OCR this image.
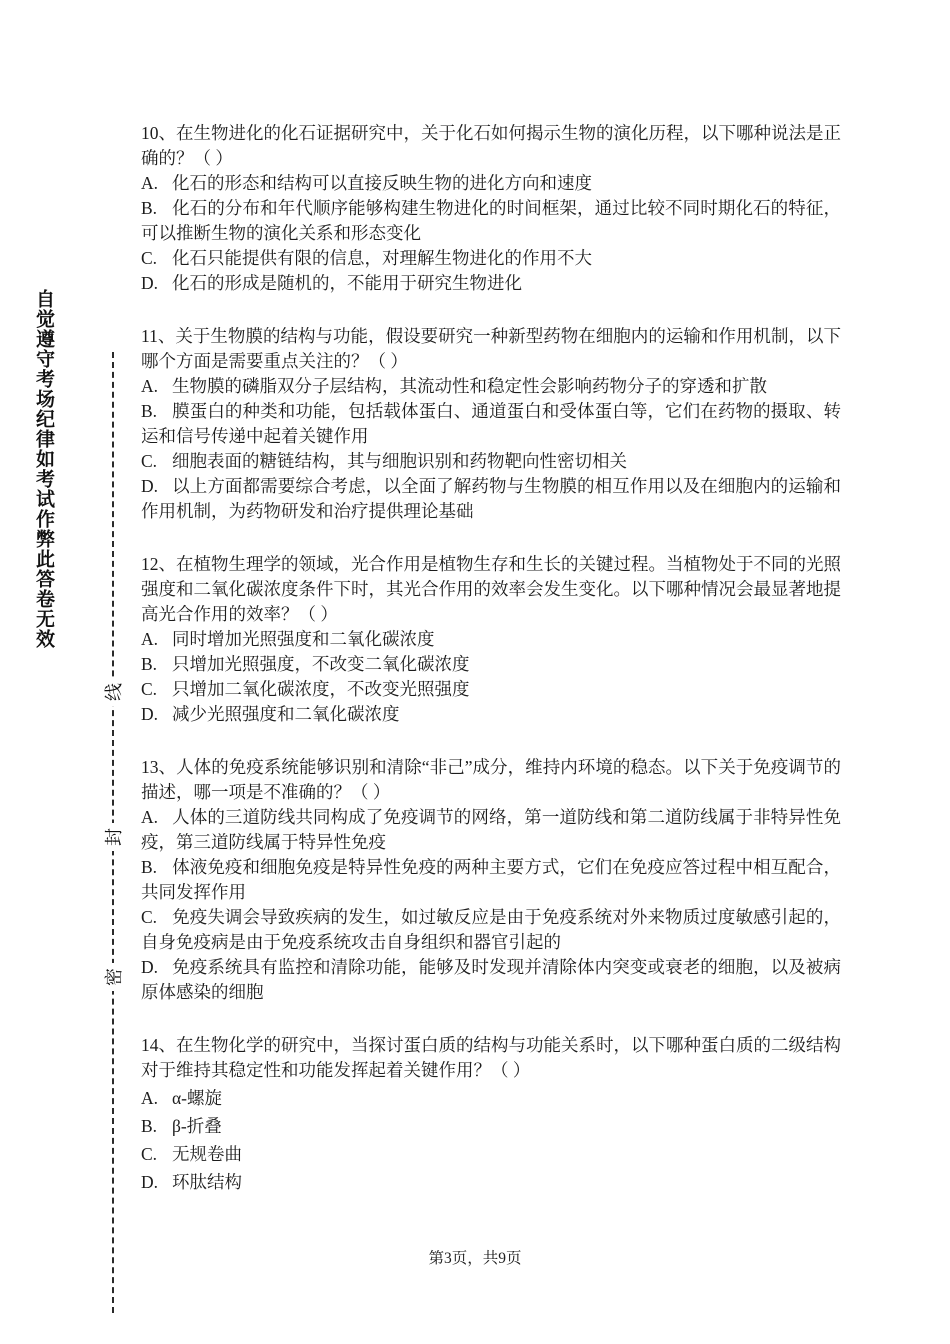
自觉遵守考场纪律如考试作弊此答卷无效
线
封
密
10、在生物进化的化石证据研究中，关于化石如何揭示生物的演化历程，以下哪种说法是正确的？（ ）
A. 化石的形态和结构可以直接反映生物的进化方向和速度
B. 化石的分布和年代顺序能够构建生物进化的时间框架，通过比较不同时期化石的特征，可以推断生物的演化关系和形态变化
C. 化石只能提供有限的信息，对理解生物进化的作用不大
D. 化石的形成是随机的，不能用于研究生物进化
11、关于生物膜的结构与功能，假设要研究一种新型药物在细胞内的运输和作用机制，以下哪个方面是需要重点关注的？（ ）
A. 生物膜的磷脂双分子层结构，其流动性和稳定性会影响药物分子的穿透和扩散
B. 膜蛋白的种类和功能，包括载体蛋白、通道蛋白和受体蛋白等，它们在药物的摄取、转运和信号传递中起着关键作用
C. 细胞表面的糖链结构，其与细胞识别和药物靶向性密切相关
D. 以上方面都需要综合考虑，以全面了解药物与生物膜的相互作用以及在细胞内的运输和作用机制，为药物研发和治疗提供理论基础
12、在植物生理学的领域，光合作用是植物生存和生长的关键过程。当植物处于不同的光照强度和二氧化碳浓度条件下时，其光合作用的效率会发生变化。以下哪种情况会最显著地提高光合作用的效率？（ ）
A. 同时增加光照强度和二氧化碳浓度
B. 只增加光照强度，不改变二氧化碳浓度
C. 只增加二氧化碳浓度，不改变光照强度
D. 减少光照强度和二氧化碳浓度
13、人体的免疫系统能够识别和清除“非己”成分，维持内环境的稳态。以下关于免疫调节的描述，哪一项是不准确的？（ ）
A. 人体的三道防线共同构成了免疫调节的网络，第一道防线和第二道防线属于非特异性免疫，第三道防线属于特异性免疫
B. 体液免疫和细胞免疫是特异性免疫的两种主要方式，它们在免疫应答过程中相互配合，共同发挥作用
C. 免疫失调会导致疾病的发生，如过敏反应是由于免疫系统对外来物质过度敏感引起的，自身免疫病是由于免疫系统攻击自身组织和器官引起的
D. 免疫系统具有监控和清除功能，能够及时发现并清除体内突变或衰老的细胞，以及被病原体感染的细胞
14、在生物化学的研究中，当探讨蛋白质的结构与功能关系时，以下哪种蛋白质的二级结构对于维持其稳定性和功能发挥起着关键作用？（ ）
A. α-螺旋
B. β-折叠
C. 无规卷曲
D. 环肽结构
第3页，共9页
